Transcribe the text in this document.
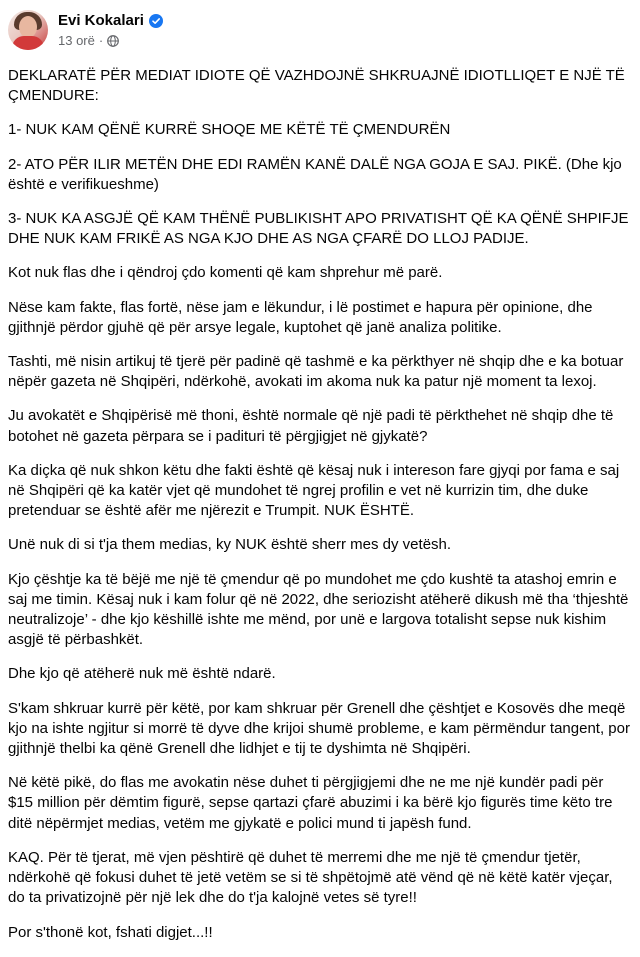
Evi Kokalari
13 orë ·

DEKLARATË PËR MEDIAT IDIOTE QË VAZHDOJNË SHKRUAJNË IDIOTLLIQET E NJË TË ÇMENDURE:

1- NUK KAM QËNË KURRË SHOQE ME KËTË TË ÇMENDURËN

2- ATO PËR ILIR METËN DHE EDI RAMËN KANË DALË NGA GOJA E SAJ. PIKË. (Dhe kjo është e verifikueshme)

3- NUK KA ASGJË QË KAM THËNË PUBLIKISHT APO PRIVATISHT QË KA QËNË SHPIFJE DHE NUK KAM FRIKË AS NGA KJO DHE AS NGA ÇFARË DO LLOJ PADIJE.

Kot nuk flas dhe i qëndroj çdo komenti që kam shprehur më parë.

Nëse kam fakte, flas fortë, nëse jam e lëkundur, i lë postimet e hapura për opinione, dhe gjithnjë përdor gjuhë që për arsye legale, kuptohet që janë analiza politike.

Tashti, më nisin artikuj të tjerë për padinë që tashmë e ka përkthyer në shqip dhe e ka botuar nëpër gazeta në Shqipëri, ndërkohë, avokati im akoma nuk ka patur një moment ta lexoj.

Ju avokatët e Shqipërisë më thoni, është normale që një padi të përkthehet në shqip dhe të botohet në gazeta përpara se i padituri të përgjigjet në gjykatë?

Ka diçka që nuk shkon këtu dhe fakti është që kësaj nuk i intereson fare gjyqi por fama e saj në Shqipëri që ka katër vjet që mundohet të ngrej profilin e vet në kurrizin tim, dhe duke pretenduar se është afër me njërezit e Trumpit. NUK ËSHTË.

Unë nuk di si t'ja them medias, ky NUK është sherr mes dy vetësh.

Kjo çështje ka të bëjë me një të çmendur që po mundohet me çdo kushtë ta atashoj emrin e saj me timin. Kësaj nuk i kam folur që në 2022, dhe seriozisht atëherë dikush më tha ‘thjeshtë neutralizoje’ - dhe kjo këshillë ishte me mënd, por unë e largova totalisht sepse nuk kishim asgjë të përbashkët.

Dhe kjo që atëherë nuk më është ndarë.

S'kam shkruar kurrë për këtë, por kam shkruar për Grenell dhe çështjet e Kosovës dhe meqë kjo na ishte ngjitur si morrë të dyve dhe krijoi shumë probleme, e kam përmëndur tangent, por gjithnjë thelbi ka qënë Grenell dhe lidhjet e tij te dyshimta në Shqipëri.

Në këtë pikë, do flas me avokatin nëse duhet ti përgjigjemi dhe ne me një kundër padi për $15 million për dëmtim figurë, sepse qartazi çfarë abuzimi i ka bërë kjo figurës time këto tre ditë nëpërmjet medias, vetëm me gjykatë e polici mund ti japësh fund.

KAQ. Për të tjerat, më vjen pështirë që duhet të merremi dhe me një të çmendur tjetër, ndërkohë që fokusi duhet të jetë vetëm se si të shpëtojmë atë vënd që në këtë katër vjeçar, do ta privatizojnë për një lek dhe do t'ja kalojnë vetes së tyre!!

Por s'thonë kot, fshati digjet...!!
